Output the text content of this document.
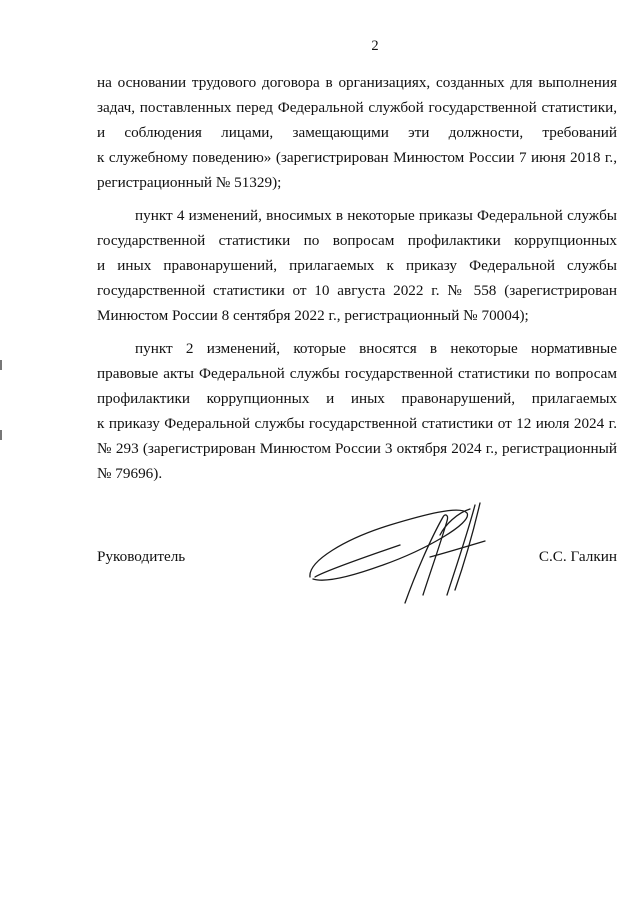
2

на основании трудового договора в организациях, созданных для выполнения
задач, поставленных перед Федеральной службой государственной статистики,
и соблюдения лицами, замещающими эти должности, требований
к служебному поведению» (зарегистрирован Минюстом России 7 июня 2018 г.,
регистрационный № 51329);

пункт 4 изменений, вносимых в некоторые приказы Федеральной службы
государственной статистики по вопросам профилактики коррупционных
и иных правонарушений, прилагаемых к приказу Федеральной службы
государственной статистики от 10 августа 2022 г. № 558 (зарегистрирован
Минюстом России 8 сентября 2022 г., регистрационный № 70004);

пункт 2 изменений, которые вносятся в некоторые нормативные
правовые акты Федеральной службы государственной статистики по вопросам
профилактики коррупционных и иных правонарушений, прилагаемых
к приказу Федеральной службы государственной статистики от 12 июля 2024 г.
№ 293 (зарегистрирован Минюстом России 3 октября 2024 г., регистрационный
№ 79696).

Руководитель	С.С. Галкин
